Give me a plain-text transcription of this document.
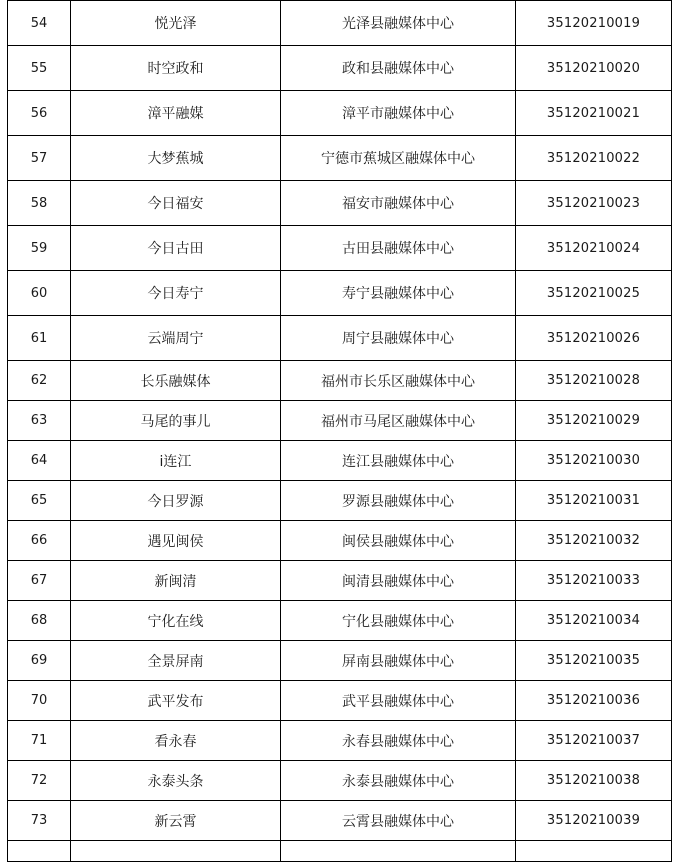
54	悦光泽	光泽县融媒体中心	35120210019
55	时空政和	政和县融媒体中心	35120210020
56	漳平融媒	漳平市融媒体中心	35120210021
57	大梦蕉城	宁德市蕉城区融媒体中心	35120210022
58	今日福安	福安市融媒体中心	35120210023
59	今日古田	古田县融媒体中心	35120210024
60	今日寿宁	寿宁县融媒体中心	35120210025
61	云端周宁	周宁县融媒体中心	35120210026
62	长乐融媒体	福州市长乐区融媒体中心	35120210028
63	马尾的事儿	福州市马尾区融媒体中心	35120210029
64	i连江	连江县融媒体中心	35120210030
65	今日罗源	罗源县融媒体中心	35120210031
66	遇见闽侯	闽侯县融媒体中心	35120210032
67	新闽清	闽清县融媒体中心	35120210033
68	宁化在线	宁化县融媒体中心	35120210034
69	全景屏南	屏南县融媒体中心	35120210035
70	武平发布	武平县融媒体中心	35120210036
71	看永春	永春县融媒体中心	35120210037
72	永泰头条	永泰县融媒体中心	35120210038
73	新云霄	云霄县融媒体中心	35120210039
